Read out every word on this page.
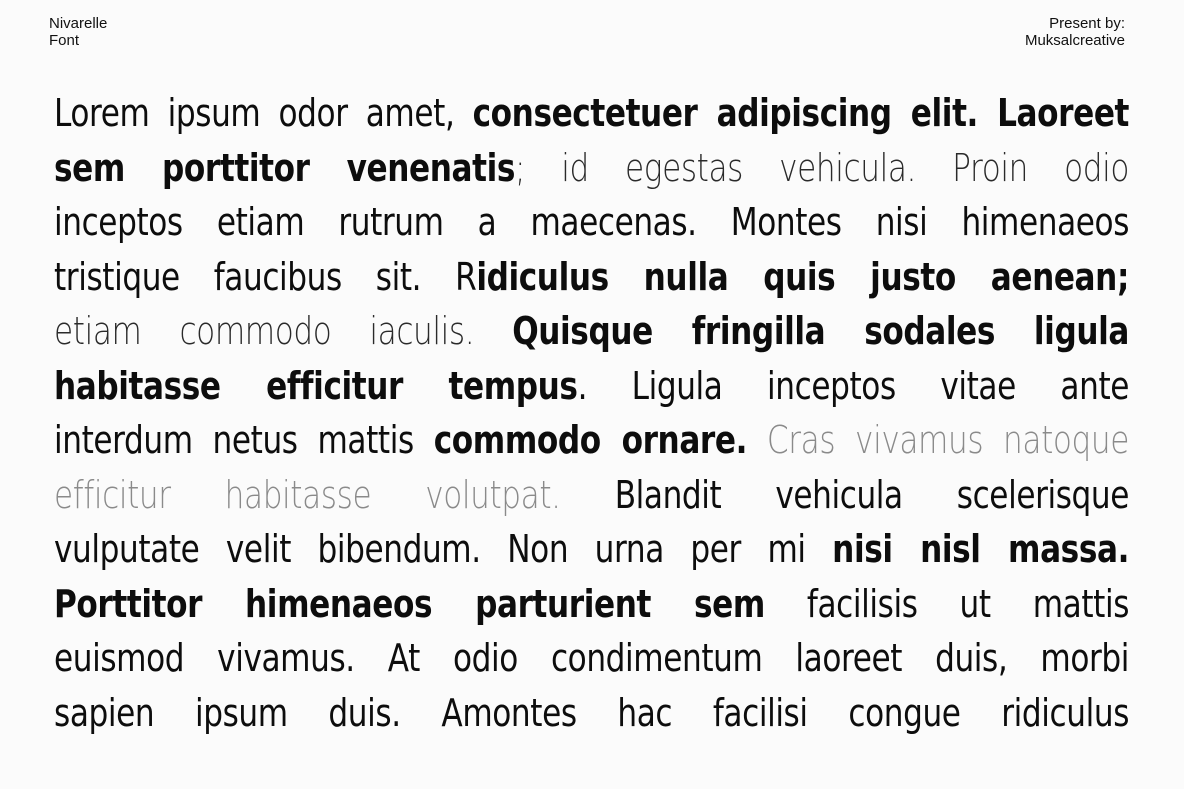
Nivarelle
Font
Present by:
Muksalcreative
Lorem ipsum odor amet, consectetuer adipiscing elit. Laoreet
sem porttitor venenatis; id egestas vehicula. Proin odio
inceptos etiam rutrum a maecenas. Montes nisi himenaeos
tristique faucibus sit. Ridiculus nulla quis justo aenean;
etiam commodo iaculis. Quisque fringilla sodales ligula
habitasse efficitur tempus. Ligula inceptos vitae ante
interdum netus mattis commodo ornare. Cras vivamus natoque
efficitur habitasse volutpat. Blandit vehicula scelerisque
vulputate velit bibendum. Non urna per mi nisi nisl massa.
Porttitor himenaeos parturient sem facilisis ut mattis
euismod vivamus. At odio condimentum laoreet duis, morbi
sapien ipsum duis. Amontes hac facilisi congue ridiculus
